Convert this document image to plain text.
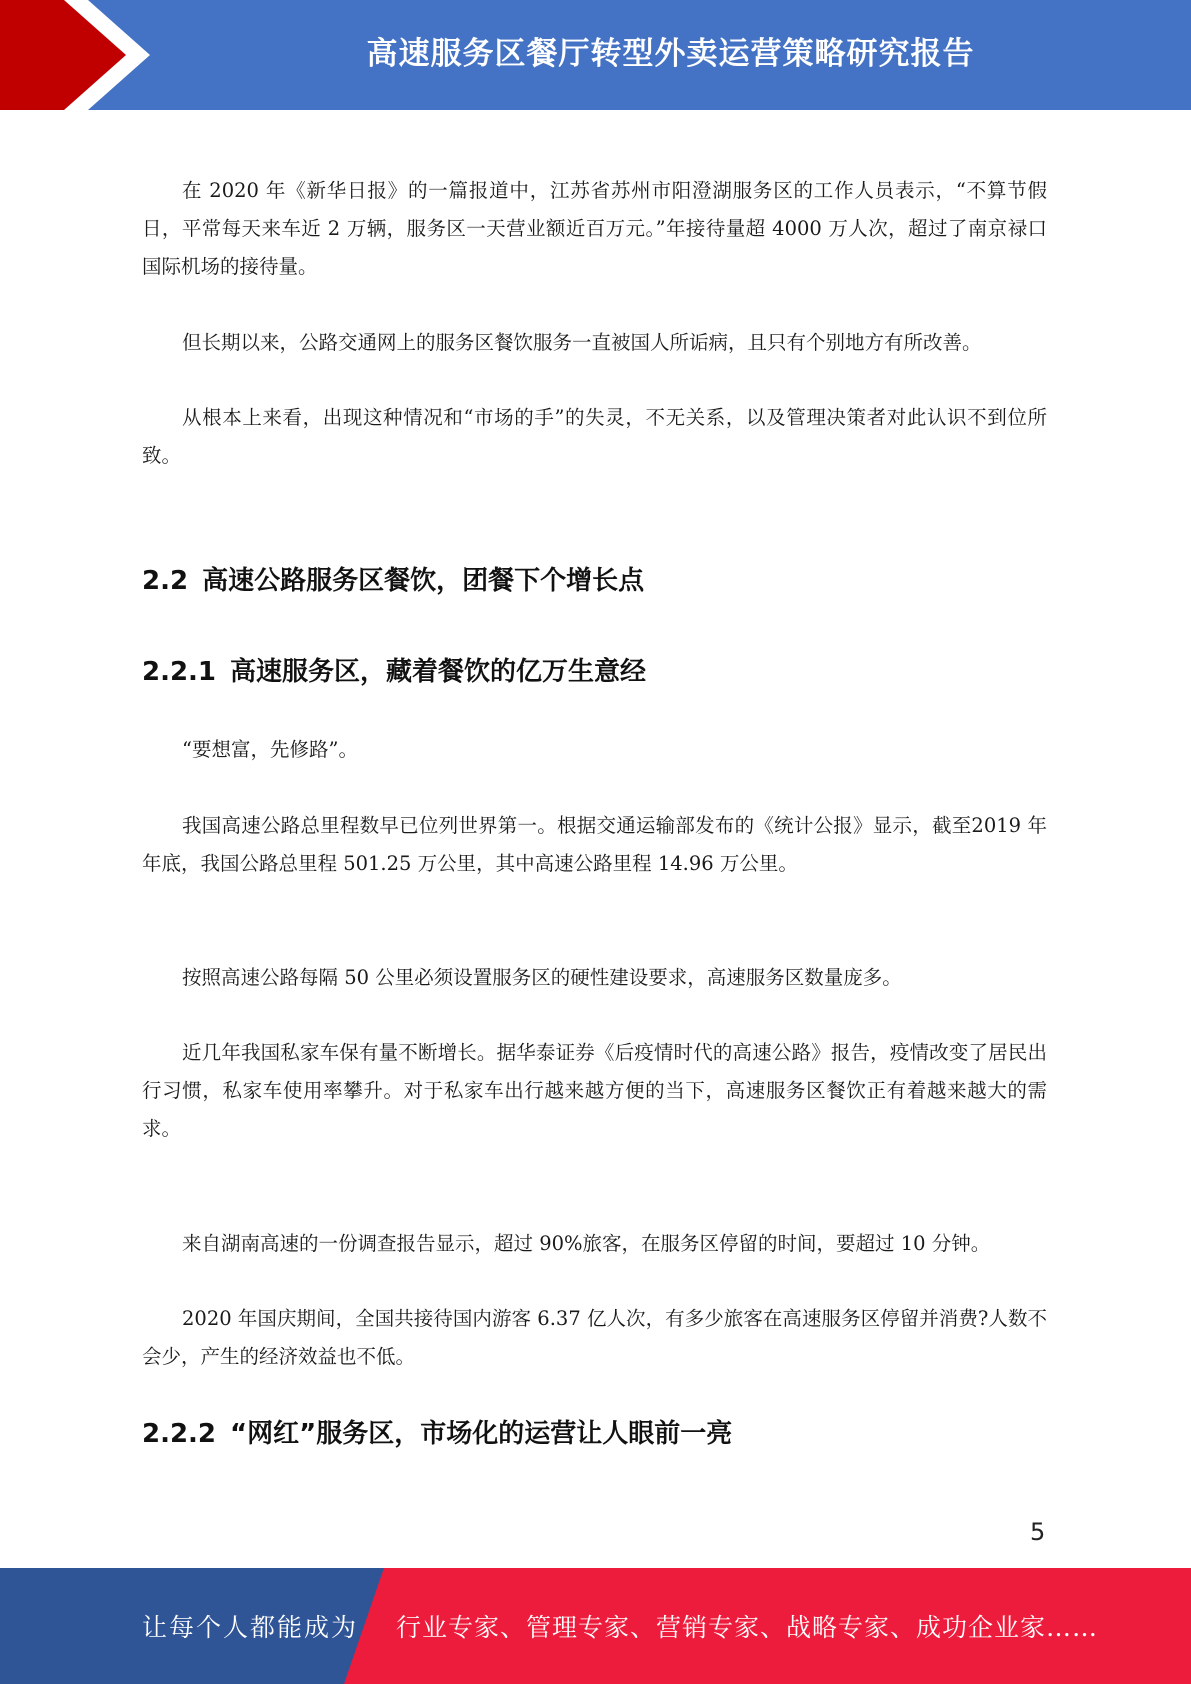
高速服务区餐厅转型外卖运营策略研究报告

在 2020 年《新华日报》的一篇报道中，江苏省苏州市阳澄湖服务区的工作人员表示，“不算节假日，平常每天来车近 2 万辆，服务区一天营业额近百万元。”年接待量超 4000 万人次，超过了南京禄口国际机场的接待量。

但长期以来，公路交通网上的服务区餐饮服务一直被国人所诟病，且只有个别地方有所改善。

从根本上来看，出现这种情况和“市场的手”的失灵，不无关系，以及管理决策者对此认识不到位所致。

2.2 高速公路服务区餐饮，团餐下个增长点
2.2.1 高速服务区，藏着餐饮的亿万生意经

“要想富，先修路”。

我国高速公路总里程数早已位列世界第一。根据交通运输部发布的《统计公报》显示，截至2019 年年底，我国公路总里程 501.25 万公里，其中高速公路里程 14.96 万公里。

按照高速公路每隔 50 公里必须设置服务区的硬性建设要求，高速服务区数量庞多。

近几年我国私家车保有量不断增长。据华泰证券《后疫情时代的高速公路》报告，疫情改变了居民出行习惯，私家车使用率攀升。对于私家车出行越来越方便的当下，高速服务区餐饮正有着越来越大的需求。

来自湖南高速的一份调查报告显示，超过 90%旅客，在服务区停留的时间，要超过 10 分钟。

2020 年国庆期间，全国共接待国内游客 6.37 亿人次，有多少旅客在高速服务区停留并消费?人数不会少，产生的经济效益也不低。

2.2.2 “网红”服务区，市场化的运营让人眼前一亮
5
让每个人都能成为 行业专家、管理专家、营销专家、战略专家、成功企业家……
